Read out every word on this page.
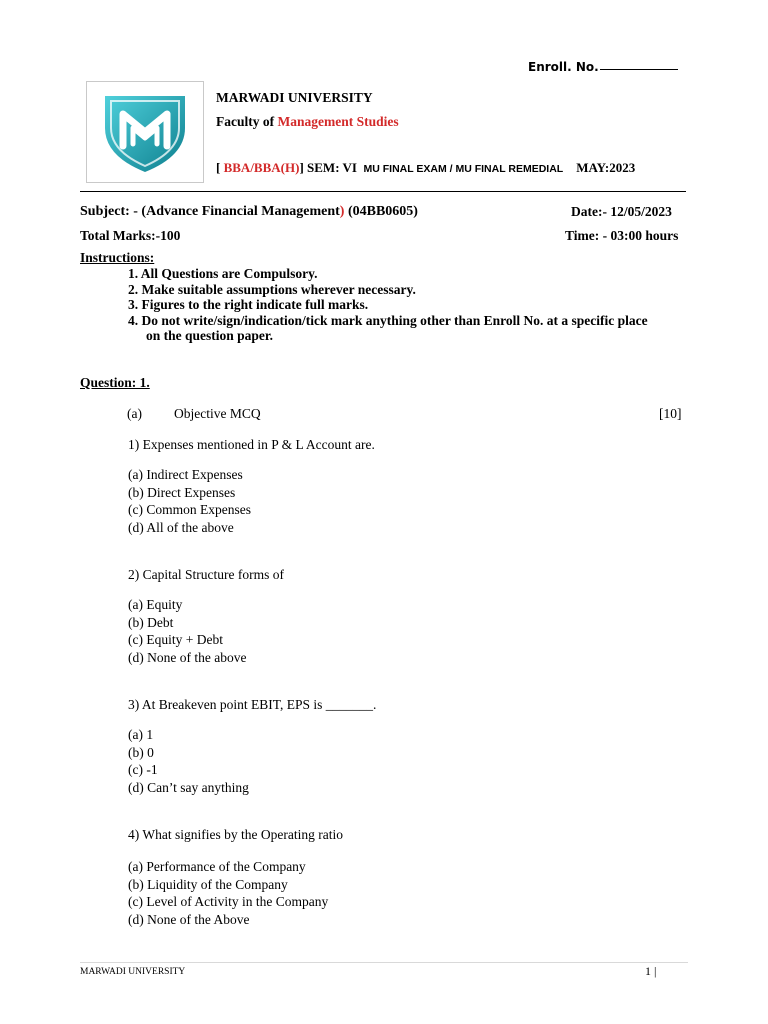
Enroll. No.
MARWADI UNIVERSITY
Faculty of Management Studies
[ BBA/BBA(H)] SEM: VI MU FINAL EXAM / MU FINAL REMEDIAL MAY:2023
Subject: - (Advance Financial Management) (04BB0605)	Date:- 12/05/2023
Total Marks:-100	Time: - 03:00 hours
Instructions:
1. All Questions are Compulsory.
2. Make suitable assumptions wherever necessary.
3. Figures to the right indicate full marks.
4. Do not write/sign/indication/tick mark anything other than Enroll No. at a specific place
on the question paper.
Question: 1.
(a) Objective MCQ	[10]
1) Expenses mentioned in P & L Account are.
(a) Indirect Expenses
(b) Direct Expenses
(c) Common Expenses
(d) All of the above
2) Capital Structure forms of
(a) Equity
(b) Debt
(c) Equity + Debt
(d) None of the above
3) At Breakeven point EBIT, EPS is _______.
(a) 1
(b) 0
(c) -1
(d) Can’t say anything
4) What signifies by the Operating ratio
(a) Performance of the Company
(b) Liquidity of the Company
(c) Level of Activity in the Company
(d) None of the Above
MARWADI UNIVERSITY	1 |
